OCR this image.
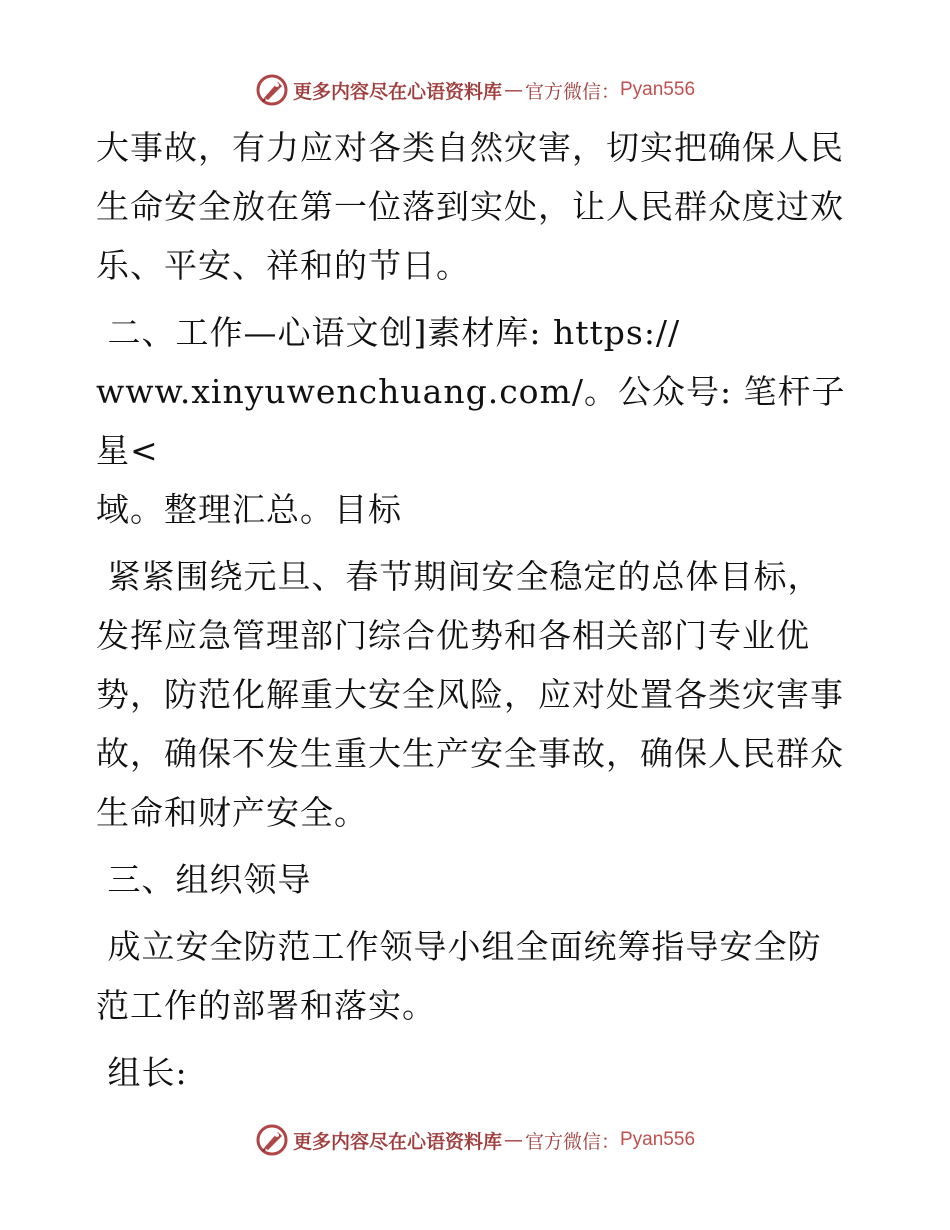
更多内容尽在心语资料库 — 官方微信： Pyan556

大事故，有力应对各类自然灾害，切实把确保人民
生命安全放在第一位落到实处，让人民群众度过欢
乐、平安、祥和的节日。

二、工作—心语文创]素材库: https://
www.xinyuwenchuang.com/。公众号: 笔杆子星<
域。整理汇总。目标

紧紧围绕元旦、春节期间安全稳定的总体目标，
发挥应急管理部门综合优势和各相关部门专业优
势，防范化解重大安全风险，应对处置各类灾害事
故，确保不发生重大生产安全事故，确保人民群众
生命和财产安全。

三、组织领导

成立安全防范工作领导小组全面统筹指导安全防
范工作的部署和落实。

组长:

更多内容尽在心语资料库 — 官方微信： Pyan556
